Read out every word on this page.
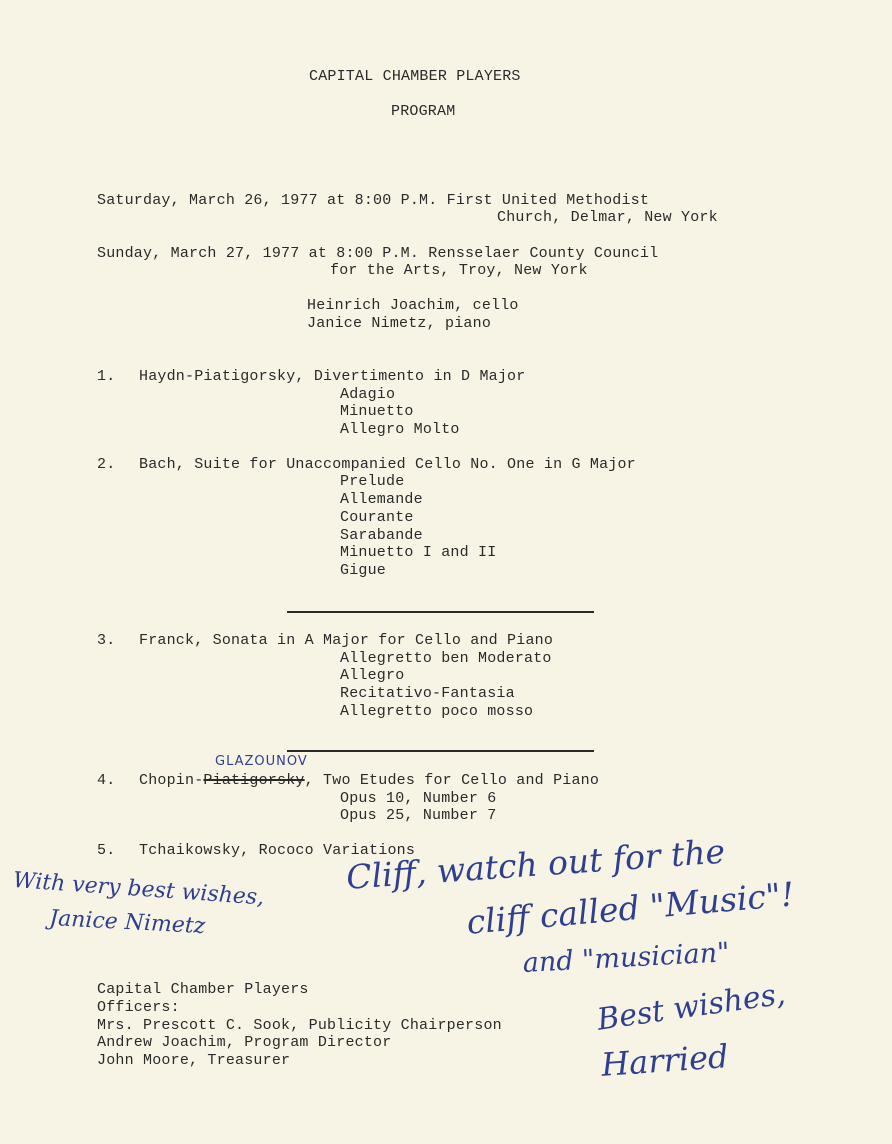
CAPITAL CHAMBER PLAYERS
PROGRAM
Saturday, March 26, 1977 at 8:00 P.M. First United Methodist
Church, Delmar, New York
Sunday, March 27, 1977 at 8:00 P.M. Rensselaer County Council
for the Arts, Troy, New York
Heinrich Joachim, cello
Janice Nimetz, piano
1. Haydn-Piatigorsky, Divertimento in D Major
Adagio
Minuetto
Allegro Molto
2. Bach, Suite for Unaccompanied Cello No. One in G Major
Prelude
Allemande
Courante
Sarabande
Minuetto I and II
Gigue
3. Franck, Sonata in A Major for Cello and Piano
Allegretto ben Moderato
Allegro
Recitativo-Fantasia
Allegretto poco mosso
GLAZOUNOV
4. Chopin-Piatigorsky, Two Etudes for Cello and Piano
Opus 10, Number 6
Opus 25, Number 7
5. Tchaikowsky, Rococo Variations
With very best wishes,
Janice Nimetz
Cliff, watch out for the
cliff called "Music"!
and "musician"
Best wishes,
Harried
Capital Chamber Players
Officers:
Mrs. Prescott C. Sook, Publicity Chairperson
Andrew Joachim, Program Director
John Moore, Treasurer
